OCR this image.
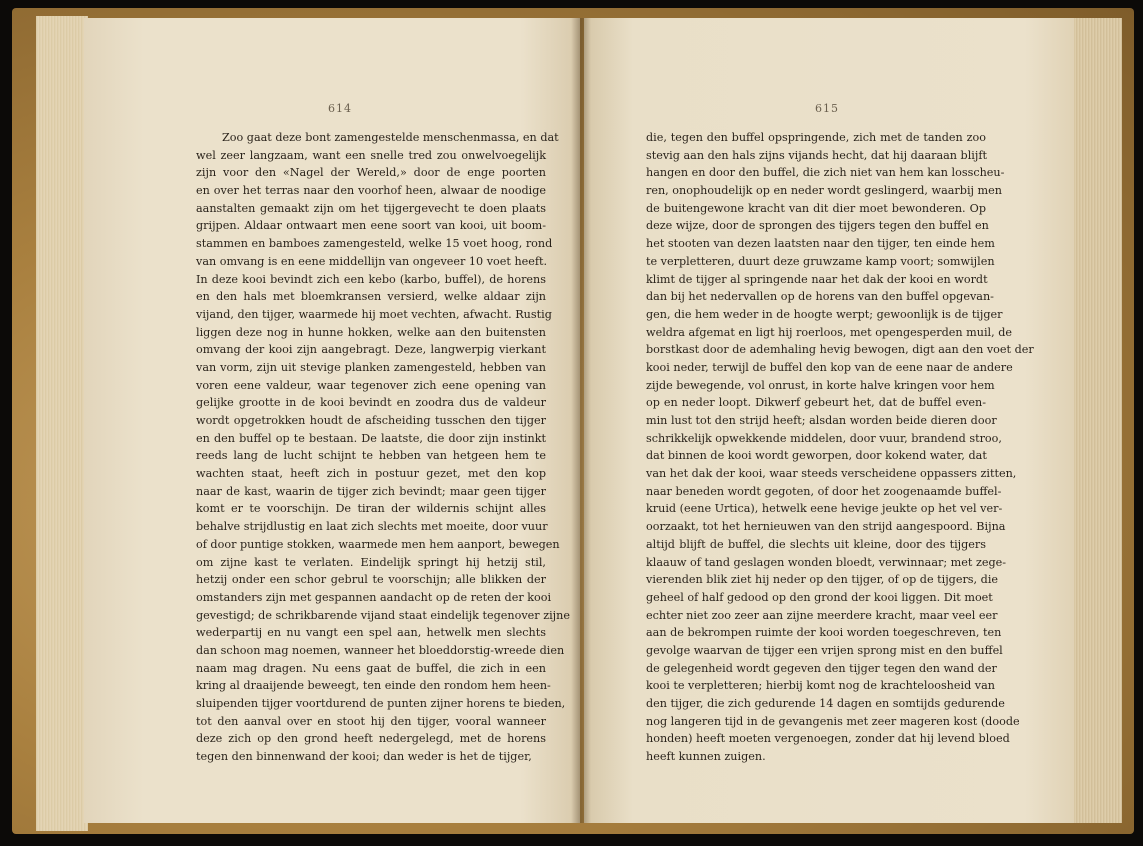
614
Zoo gaat deze bont zamengestelde menschenmassa, en dat
wel zeer langzaam, want een snelle tred zou onwelvoegelijk
zijn voor den «Nagel der Wereld,» door de enge poorten
en over het terras naar den voorhof heen, alwaar de noodige
aanstalten gemaakt zijn om het tijgergevecht te doen plaats
grijpen. Aldaar ontwaart men eene soort van kooi, uit boom-
stammen en bamboes zamengesteld, welke 15 voet hoog, rond
van omvang is en eene middellijn van ongeveer 10 voet heeft.
In deze kooi bevindt zich een kebo (karbo, buffel), de horens
en den hals met bloemkransen versierd, welke aldaar zijn
vijand, den tijger, waarmede hij moet vechten, afwacht. Rustig
liggen deze nog in hunne hokken, welke aan den buitensten
omvang der kooi zijn aangebragt. Deze, langwerpig vierkant
van vorm, zijn uit stevige planken zamengesteld, hebben van
voren eene valdeur, waar tegenover zich eene opening van
gelijke grootte in de kooi bevindt en zoodra dus de valdeur
wordt opgetrokken houdt de afscheiding tusschen den tijger
en den buffel op te bestaan. De laatste, die door zijn instinkt
reeds lang de lucht schijnt te hebben van hetgeen hem te
wachten staat, heeft zich in postuur gezet, met den kop
naar de kast, waarin de tijger zich bevindt; maar geen tijger
komt er te voorschijn. De tiran der wildernis schijnt alles
behalve strijdlustig en laat zich slechts met moeite, door vuur
of door puntige stokken, waarmede men hem aanport, bewegen
om zijne kast te verlaten. Eindelijk springt hij hetzij stil,
hetzij onder een schor gebrul te voorschijn; alle blikken der
omstanders zijn met gespannen aandacht op de reten der kooi
gevestigd; de schrikbarende vijand staat eindelijk tegenover zijne
wederpartij en nu vangt een spel aan, hetwelk men slechts
dan schoon mag noemen, wanneer het bloeddorstig-wreede dien
naam mag dragen. Nu eens gaat de buffel, die zich in een
kring al draaijende beweegt, ten einde den rondom hem heen-
sluipenden tijger voortdurend de punten zijner horens te bieden,
tot den aanval over en stoot hij den tijger, vooral wanneer
deze zich op den grond heeft nedergelegd, met de horens
tegen den binnenwand der kooi; dan weder is het de tijger,
615
die, tegen den buffel opspringende, zich met de tanden zoo
stevig aan den hals zijns vijands hecht, dat hij daaraan blijft
hangen en door den buffel, die zich niet van hem kan losscheu-
ren, onophoudelijk op en neder wordt geslingerd, waarbij men
de buitengewone kracht van dit dier moet bewonderen. Op
deze wijze, door de sprongen des tijgers tegen den buffel en
het stooten van dezen laatsten naar den tijger, ten einde hem
te verpletteren, duurt deze gruwzame kamp voort; somwijlen
klimt de tijger al springende naar het dak der kooi en wordt
dan bij het nedervallen op de horens van den buffel opgevan-
gen, die hem weder in de hoogte werpt; gewoonlijk is de tijger
weldra afgemat en ligt hij roerloos, met opengesperden muil, de
borstkast door de ademhaling hevig bewogen, digt aan den voet der
kooi neder, terwijl de buffel den kop van de eene naar de andere
zijde bewegende, vol onrust, in korte halve kringen voor hem
op en neder loopt. Dikwerf gebeurt het, dat de buffel even-
min lust tot den strijd heeft; alsdan worden beide dieren door
schrikkelijk opwekkende middelen, door vuur, brandend stroo,
dat binnen de kooi wordt geworpen, door kokend water, dat
van het dak der kooi, waar steeds verscheidene oppassers zitten,
naar beneden wordt gegoten, of door het zoogenaamde buffel-
kruid (eene Urtica), hetwelk eene hevige jeukte op het vel ver-
oorzaakt, tot het hernieuwen van den strijd aangespoord. Bijna
altijd blijft de buffel, die slechts uit kleine, door des tijgers
klaauw of tand geslagen wonden bloedt, verwinnaar; met zege-
vierenden blik ziet hij neder op den tijger, of op de tijgers, die
geheel of half gedood op den grond der kooi liggen. Dit moet
echter niet zoo zeer aan zijne meerdere kracht, maar veel eer
aan de bekrompen ruimte der kooi worden toegeschreven, ten
gevolge waarvan de tijger een vrijen sprong mist en den buffel
de gelegenheid wordt gegeven den tijger tegen den wand der
kooi te verpletteren; hierbij komt nog de krachteloosheid van
den tijger, die zich gedurende 14 dagen en somtijds gedurende
nog langeren tijd in de gevangenis met zeer mageren kost (doode
honden) heeft moeten vergenoegen, zonder dat hij levend bloed
heeft kunnen zuigen.
